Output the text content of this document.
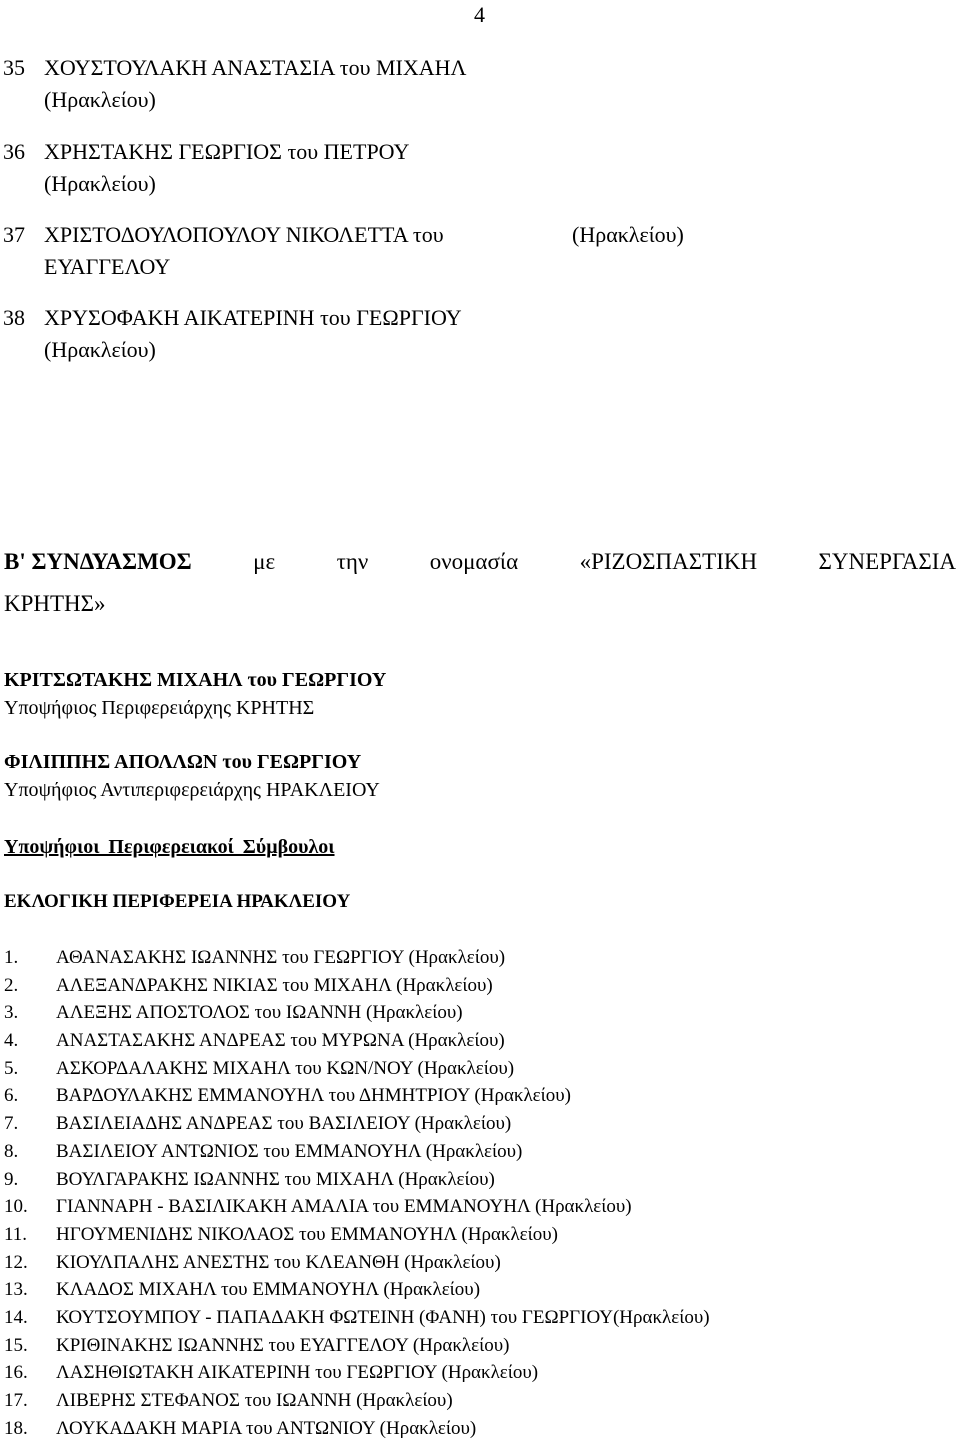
4
35 ΧΟΥΣΤΟΥΛΑΚΗ ΑΝΑΣΤΑΣΙΑ του ΜΙΧΑΗΛ
(Ηρακλείου)
36 ΧΡΗΣΤΑΚΗΣ ΓΕΩΡΓΙΟΣ του ΠΕΤΡΟΥ
(Ηρακλείου)
37 ΧΡΙΣΤΟΔΟΥΛΟΠΟΥΛΟΥ ΝΙΚΟΛΕΤΤΑ του	(Ηρακλείου)
ΕΥΑΓΓΕΛΟΥ
38 ΧΡΥΣΟΦΑΚΗ ΑΙΚΑΤΕΡΙΝΗ του ΓΕΩΡΓΙΟΥ
(Ηρακλείου)
Β' ΣΥΝΔΥΑΣΜΟΣ	με	την	ονομασία	«ΡΙΖΟΣΠΑΣΤΙΚΗ	ΣΥΝΕΡΓΑΣΙΑ
ΚΡΗΤΗΣ»
ΚΡΙΤΣΩΤΑΚΗΣ ΜΙΧΑΗΛ του ΓΕΩΡΓΙΟΥ
Υποψήφιος Περιφερειάρχης ΚΡΗΤΗΣ
ΦΙΛΙΠΠΗΣ ΑΠΟΛΛΩΝ του ΓΕΩΡΓΙΟΥ
Υποψήφιος Αντιπεριφερειάρχης ΗΡΑΚΛΕΙΟΥ
Υποψήφιοι Περιφερειακοί Σύμβουλοι
ΕΚΛΟΓΙΚΗ ΠΕΡΙΦΕΡΕΙΑ ΗΡΑΚΛΕΙΟΥ
1. ΑΘΑΝΑΣΑΚΗΣ ΙΩΑΝΝΗΣ του ΓΕΩΡΓΙΟΥ (Ηρακλείου)
2. ΑΛΕΞΑΝΔΡΑΚΗΣ ΝΙΚΙΑΣ του ΜΙΧΑΗΛ (Ηρακλείου)
3. ΑΛΕΞΗΣ ΑΠΟΣΤΟΛΟΣ του ΙΩΑΝΝΗ (Ηρακλείου)
4. ΑΝΑΣΤΑΣΑΚΗΣ ΑΝΔΡΕΑΣ του ΜΥΡΩΝΑ (Ηρακλείου)
5. ΑΣΚΟΡΔΑΛΑΚΗΣ ΜΙΧΑΗΛ του ΚΩΝ/ΝΟΥ (Ηρακλείου)
6. ΒΑΡΔΟΥΛΑΚΗΣ ΕΜΜΑΝΟΥΗΛ του ΔΗΜΗΤΡΙΟΥ (Ηρακλείου)
7. ΒΑΣΙΛΕΙΑΔΗΣ ΑΝΔΡΕΑΣ του ΒΑΣΙΛΕΙΟΥ (Ηρακλείου)
8. ΒΑΣΙΛΕΙΟΥ ΑΝΤΩΝΙΟΣ του ΕΜΜΑΝΟΥΗΛ (Ηρακλείου)
9. ΒΟΥΛΓΑΡΑΚΗΣ ΙΩΑΝΝΗΣ του ΜΙΧΑΗΛ (Ηρακλείου)
10. ΓΙΑΝΝΑΡΗ - ΒΑΣΙΛΙΚΑΚΗ ΑΜΑΛΙΑ του ΕΜΜΑΝΟΥΗΛ (Ηρακλείου)
11. ΗΓΟΥΜΕΝΙΔΗΣ ΝΙΚΟΛΑΟΣ του ΕΜΜΑΝΟΥΗΛ (Ηρακλείου)
12. ΚΙΟΥΛΠΑΛΗΣ ΑΝΕΣΤΗΣ του ΚΛΕΑΝΘΗ (Ηρακλείου)
13. ΚΛΑΔΟΣ ΜΙΧΑΗΛ του ΕΜΜΑΝΟΥΗΛ (Ηρακλείου)
14. ΚΟΥΤΣΟΥΜΠΟΥ - ΠΑΠΑΔΑΚΗ ΦΩΤΕΙΝΗ (ΦΑΝΗ) του ΓΕΩΡΓΙΟΥ(Ηρακλείου)
15. ΚΡΙΘΙΝΑΚΗΣ ΙΩΑΝΝΗΣ του ΕΥΑΓΓΕΛΟΥ (Ηρακλείου)
16. ΛΑΣΗΘΙΩΤΑΚΗ ΑΙΚΑΤΕΡΙΝΗ του ΓΕΩΡΓΙΟΥ (Ηρακλείου)
17. ΛΙΒΕΡΗΣ ΣΤΕΦΑΝΟΣ του ΙΩΑΝΝΗ (Ηρακλείου)
18. ΛΟΥΚΑΔΑΚΗ ΜΑΡΙΑ του ΑΝΤΩΝΙΟΥ (Ηρακλείου)
